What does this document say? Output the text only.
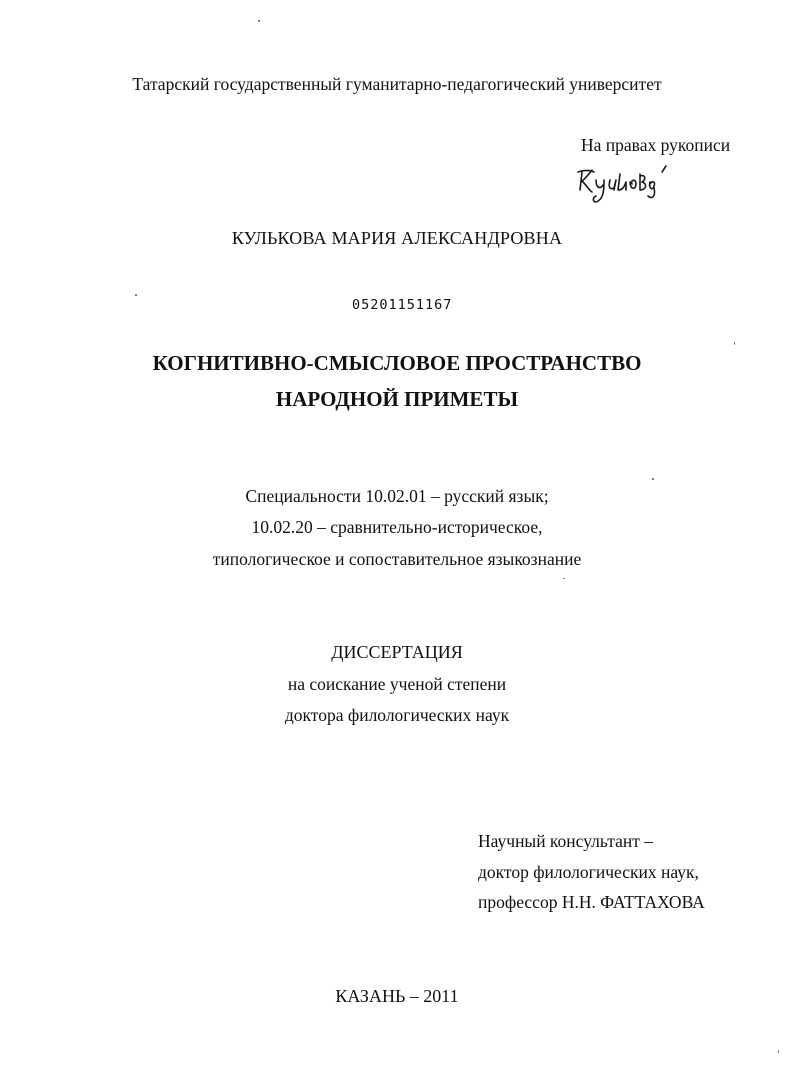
Татарский государственный гуманитарно-педагогический университет
На правах рукописи
КУЛЬКОВА МАРИЯ АЛЕКСАНДРОВНА
05201151167
КОГНИТИВНО-СМЫСЛОВОЕ ПРОСТРАНСТВО
НАРОДНОЙ ПРИМЕТЫ
Специальности 10.02.01 – русский язык;
10.02.20 – сравнительно-историческое,
типологическое и сопоставительное языкознание
ДИССЕРТАЦИЯ
на соискание ученой степени
доктора филологических наук
Научный консультант –
доктор филологических наук,
профессор Н.Н. ФАТТАХОВА
КАЗАНЬ – 2011
